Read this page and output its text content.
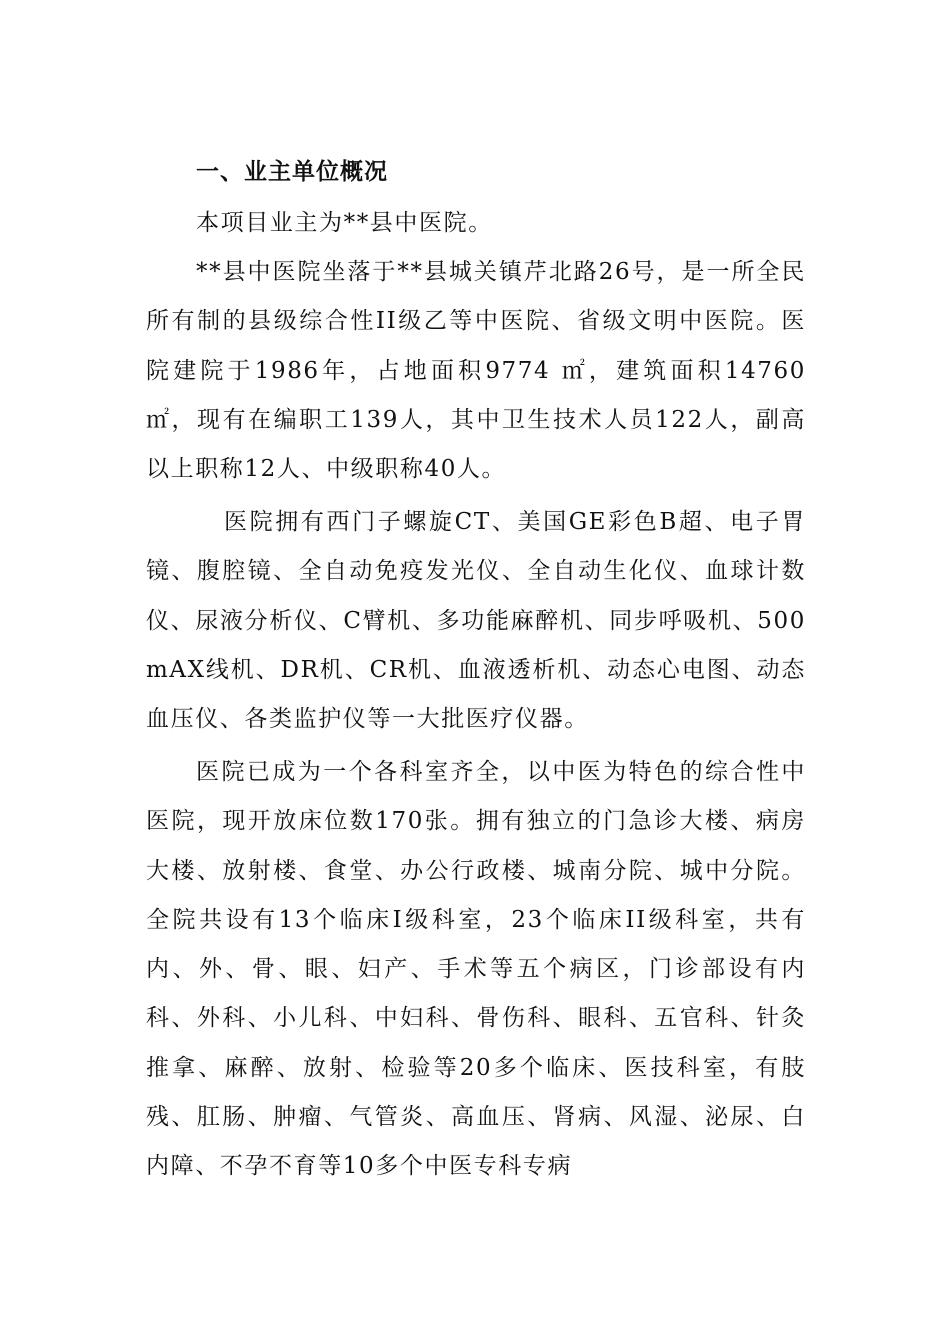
一、业主单位概况
本项目业主为**县中医院。
**县中医院坐落于**县城关镇芹北路26号，是一所全民所有制的县级综合性II级乙等中医院、省级文明中医院。医院建院于1986年，占地面积9774 ㎡，建筑面积14760 ㎡，现有在编职工139人，其中卫生技术人员122人，副高以上职称12人、中级职称40人。
医院拥有西门子螺旋CT、美国GE彩色B超、电子胃镜、腹腔镜、全自动免疫发光仪、全自动生化仪、血球计数仪、尿液分析仪、C臂机、多功能麻醉机、同步呼吸机、500mAX线机、DR机、CR机、血液透析机、动态心电图、动态血压仪、各类监护仪等一大批医疗仪器。
医院已成为一个各科室齐全，以中医为特色的综合性中医院，现开放床位数170张。拥有独立的门急诊大楼、病房大楼、放射楼、食堂、办公行政楼、城南分院、城中分院。全院共设有13个临床I级科室，23个临床II级科室，共有内、外、骨、眼、妇产、手术等五个病区，门诊部设有内科、外科、小儿科、中妇科、骨伤科、眼科、五官科、针灸推拿、麻醉、放射、检验等20多个临床、医技科室，有肢残、肛肠、肿瘤、气管炎、高血压、肾病、风湿、泌尿、白内障、不孕不育等10多个中医专科专病
